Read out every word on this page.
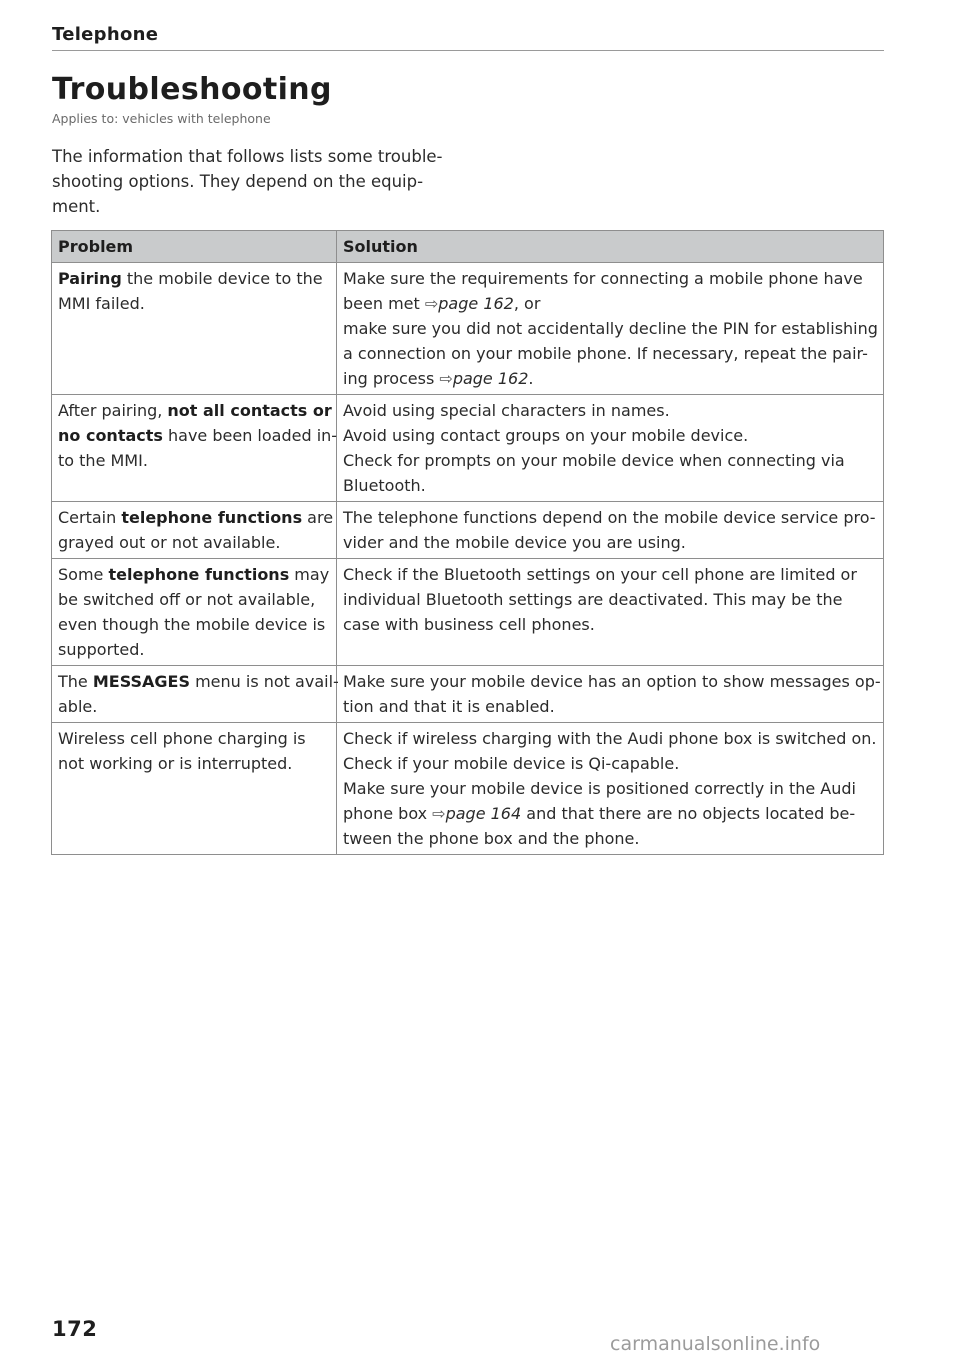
Telephone
Troubleshooting
Applies to: vehicles with telephone
The information that follows lists some trouble-
shooting options. They depend on the equip-
ment.
Problem	Solution

Pairing the mobile device to the
MMI failed.	Make sure the requirements for connecting a mobile phone have
been met ⇨page 162, or
make sure you did not accidentally decline the PIN for establishing
a connection on your mobile phone. If necessary, repeat the pair-
ing process ⇨page 162.

After pairing, not all contacts or
no contacts have been loaded in-
to the MMI.	Avoid using special characters in names.
Avoid using contact groups on your mobile device.
Check for prompts on your mobile device when connecting via
Bluetooth.

Certain telephone functions are
grayed out or not available.	The telephone functions depend on the mobile device service pro-
vider and the mobile device you are using.

Some telephone functions may
be switched off or not available,
even though the mobile device is
supported.	Check if the Bluetooth settings on your cell phone are limited or
individual Bluetooth settings are deactivated. This may be the
case with business cell phones.

The MESSAGES menu is not avail-
able.	Make sure your mobile device has an option to show messages op-
tion and that it is enabled.

Wireless cell phone charging is
not working or is interrupted.	Check if wireless charging with the Audi phone box is switched on.
Check if your mobile device is Qi-capable.
Make sure your mobile device is positioned correctly in the Audi
phone box ⇨page 164 and that there are no objects located be-
tween the phone box and the phone.
172
carmanualsonline.info
